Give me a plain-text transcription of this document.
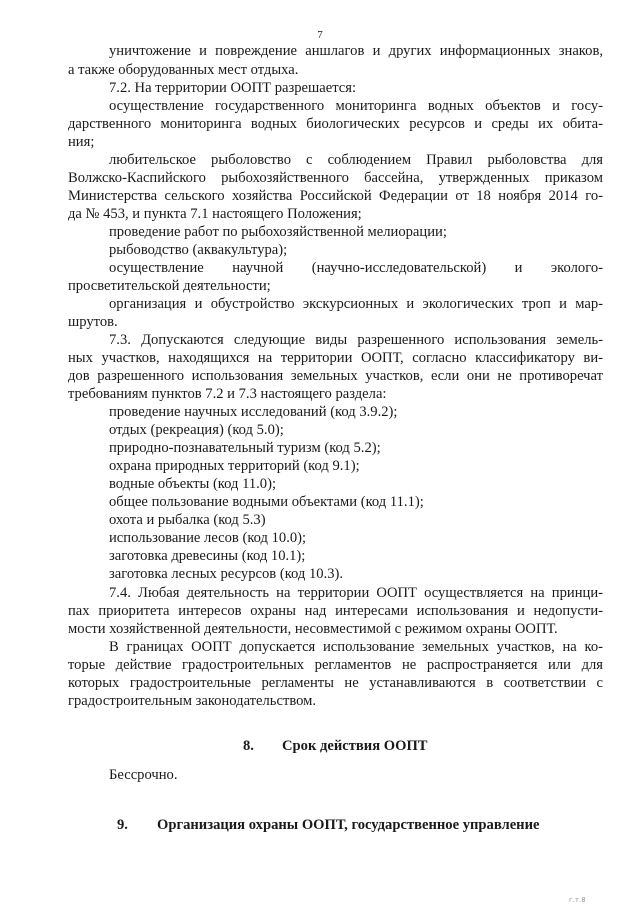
7
уничтожение и повреждение аншлагов и других информационных знаков,
а также оборудованных мест отдыха.
7.2. На территории ООПТ разрешается:
осуществление государственного мониторинга водных объектов и госу-
дарственного мониторинга водных биологических ресурсов и среды их обита-
ния;
любительское рыболовство с соблюдением Правил рыболовства для
Волжско-Каспийского рыбохозяйственного бассейна, утвержденных приказом
Министерства сельского хозяйства Российской Федерации от 18 ноября 2014 го-
да № 453, и пункта 7.1 настоящего Положения;
проведение работ по рыбохозяйственной мелиорации;
рыбоводство (аквакультура);
осуществление научной (научно-исследовательской) и эколого-
просветительской деятельности;
организация и обустройство экскурсионных и экологических троп и мар-
шрутов.
7.3. Допускаются следующие виды разрешенного использования земель-
ных участков, находящихся на территории ООПТ, согласно классификатору ви-
дов разрешенного использования земельных участков, если они не противоречат
требованиям пунктов 7.2 и 7.3 настоящего раздела:
проведение научных исследований (код 3.9.2);
отдых (рекреация) (код 5.0);
природно-познавательный туризм (код 5.2);
охрана природных территорий (код 9.1);
водные объекты (код 11.0);
общее пользование водными объектами (код 11.1);
охота и рыбалка (код 5.3)
использование лесов (код 10.0);
заготовка древесины (код 10.1);
заготовка лесных ресурсов (код 10.3).
7.4. Любая деятельность на территории ООПТ осуществляется на принци-
пах приоритета интересов охраны над интересами использования и недопусти-
мости хозяйственной деятельности, несовместимой с режимом охраны ООПТ.
В границах ООПТ допускается использование земельных участков, на ко-
торые действие градостроительных регламентов не распространяется или для
которых градостроительные регламенты не устанавливаются в соответствии с
градостроительным законодательством.
8. Срок действия ООПТ
Бессрочно.
9. Организация охраны ООПТ, государственное управление
г.т.8
